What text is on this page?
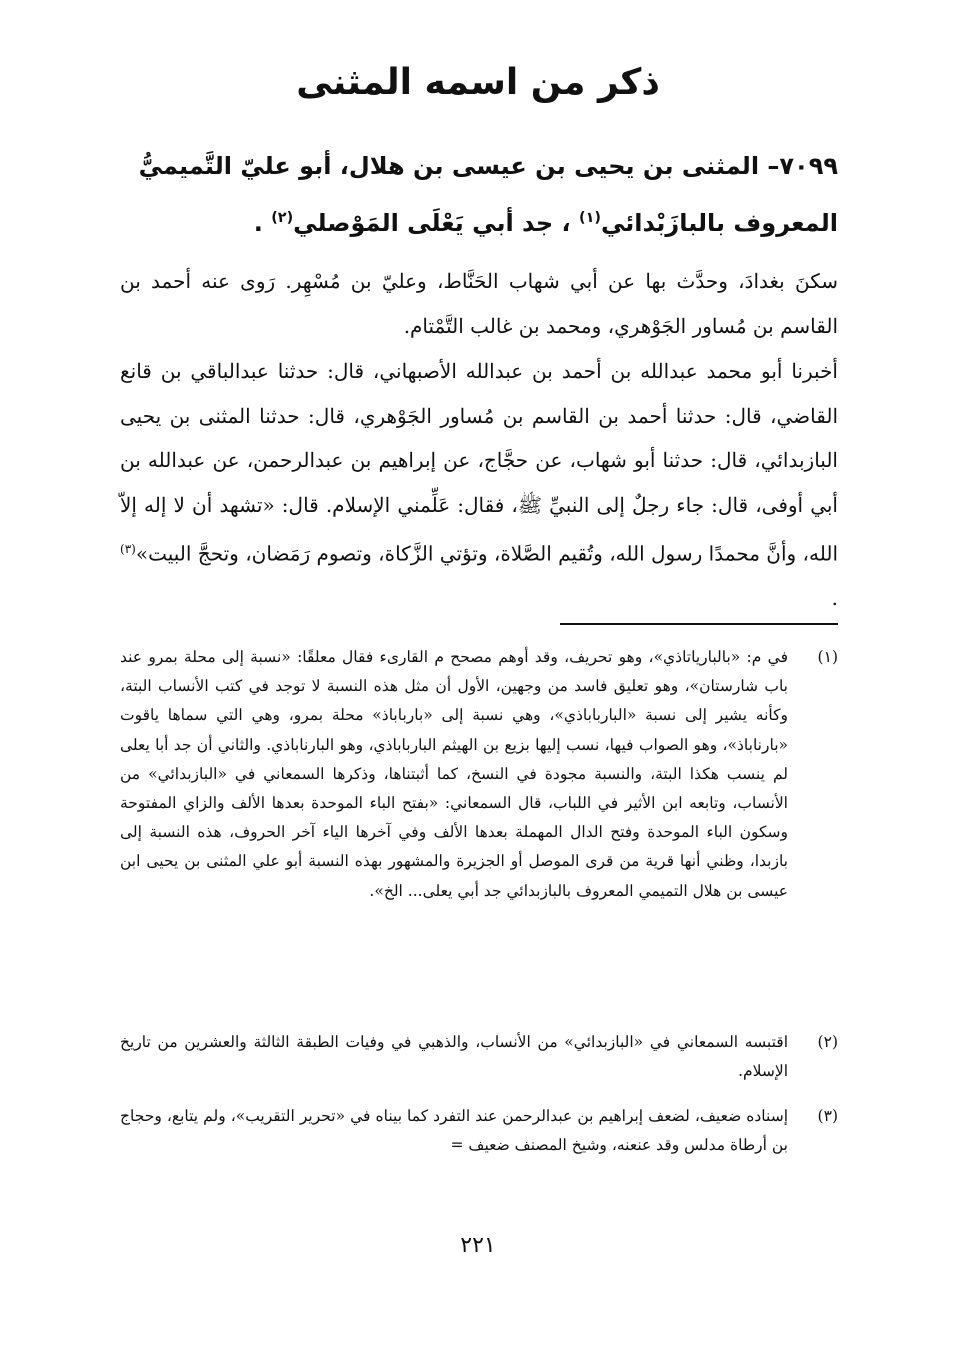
ذكر من اسمه المثنى
٧٠٩٩– المثنى بن يحيى بن عيسى بن هلال، أبو عليّ التَّميميُّ المعروف بالبازَبْدائي$^{(١)}$ ، جد أبي يَعْلَى المَوْصلي$^{(٢)}$ .
سكنَ بغدادَ، وحدَّث بها عن أبي شهاب الحَنَّاط، وعليّ بن مُسْهِر. رَوى عنه أحمد بن القاسم بن مُساور الجَوْهري، ومحمد بن غالب التَّمْتام.
أخبرنا أبو محمد عبدالله بن أحمد بن عبدالله الأصبهاني، قال: حدثنا عبدالباقي بن قانع القاضي، قال: حدثنا أحمد بن القاسم بن مُساور الجَوْهري، قال: حدثنا المثنى بن يحيى البازبدائي، قال: حدثنا أبو شهاب، عن حجَّاج، عن إبراهيم بن عبدالرحمن، عن عبدالله بن أبي أوفى، قال: جاء رجلٌ إلى النبيِّ ﷺ، فقال: عَلِّمني الإسلام. قال: «تشهد أن لا إله إلاّ الله، وأنَّ محمدًا رسول الله، وتُقيم الصَّلاة، وتؤتي الزَّكاة، وتصوم رَمَضان، وتحجَّ البيت»$^{(٣)}$ .
(١)
في م: «بالبارياتاذي»، وهو تحريف، وقد أوهم مصحح م القارىء فقال معلقًا: «نسبة إلى محلة بمرو عند باب شارستان»، وهو تعليق فاسد من وجهين، الأول أن مثل هذه النسبة لا توجد في كتب الأنساب البتة، وكأنه يشير إلى نسبة «البارباباذي»، وهي نسبة إلى «بارباباذ» محلة بمرو، وهي التي سماها ياقوت «بارناباذ»، وهو الصواب فيها، نسب إليها بزيع بن الهيثم البارباباذي، وهو البارناباذي. والثاني أن جد أبا يعلى لم ينسب هكذا البتة، والنسبة مجودة في النسخ، كما أثبتناها، وذكرها السمعاني في «البازبدائي» من الأنساب، وتابعه ابن الأثير في اللباب، قال السمعاني: «بفتح الباء الموحدة بعدها الألف والزاي المفتوحة وسكون الباء الموحدة وفتح الدال المهملة بعدها الألف وفي آخرها الياء آخر الحروف، هذه النسبة إلى بازبدا، وظني أنها قرية من قرى الموصل أو الجزيرة والمشهور بهذه النسبة أبو علي المثنى بن يحيى ابن عيسى بن هلال التميمي المعروف بالبازبدائي جد أبي يعلى... الخ».
(٢)
اقتبسه السمعاني في «البازبدائي» من الأنساب، والذهبي في وفيات الطبقة الثالثة والعشرين من تاريخ الإسلام.
(٣)
إسناده ضعيف، لضعف إبراهيم بن عبدالرحمن عند التفرد كما بيناه في «تحرير التقريب»، ولم يتابع، وحجاج بن أرطاة مدلس وقد عنعنه، وشيخ المصنف ضعيف =
٢٢١
